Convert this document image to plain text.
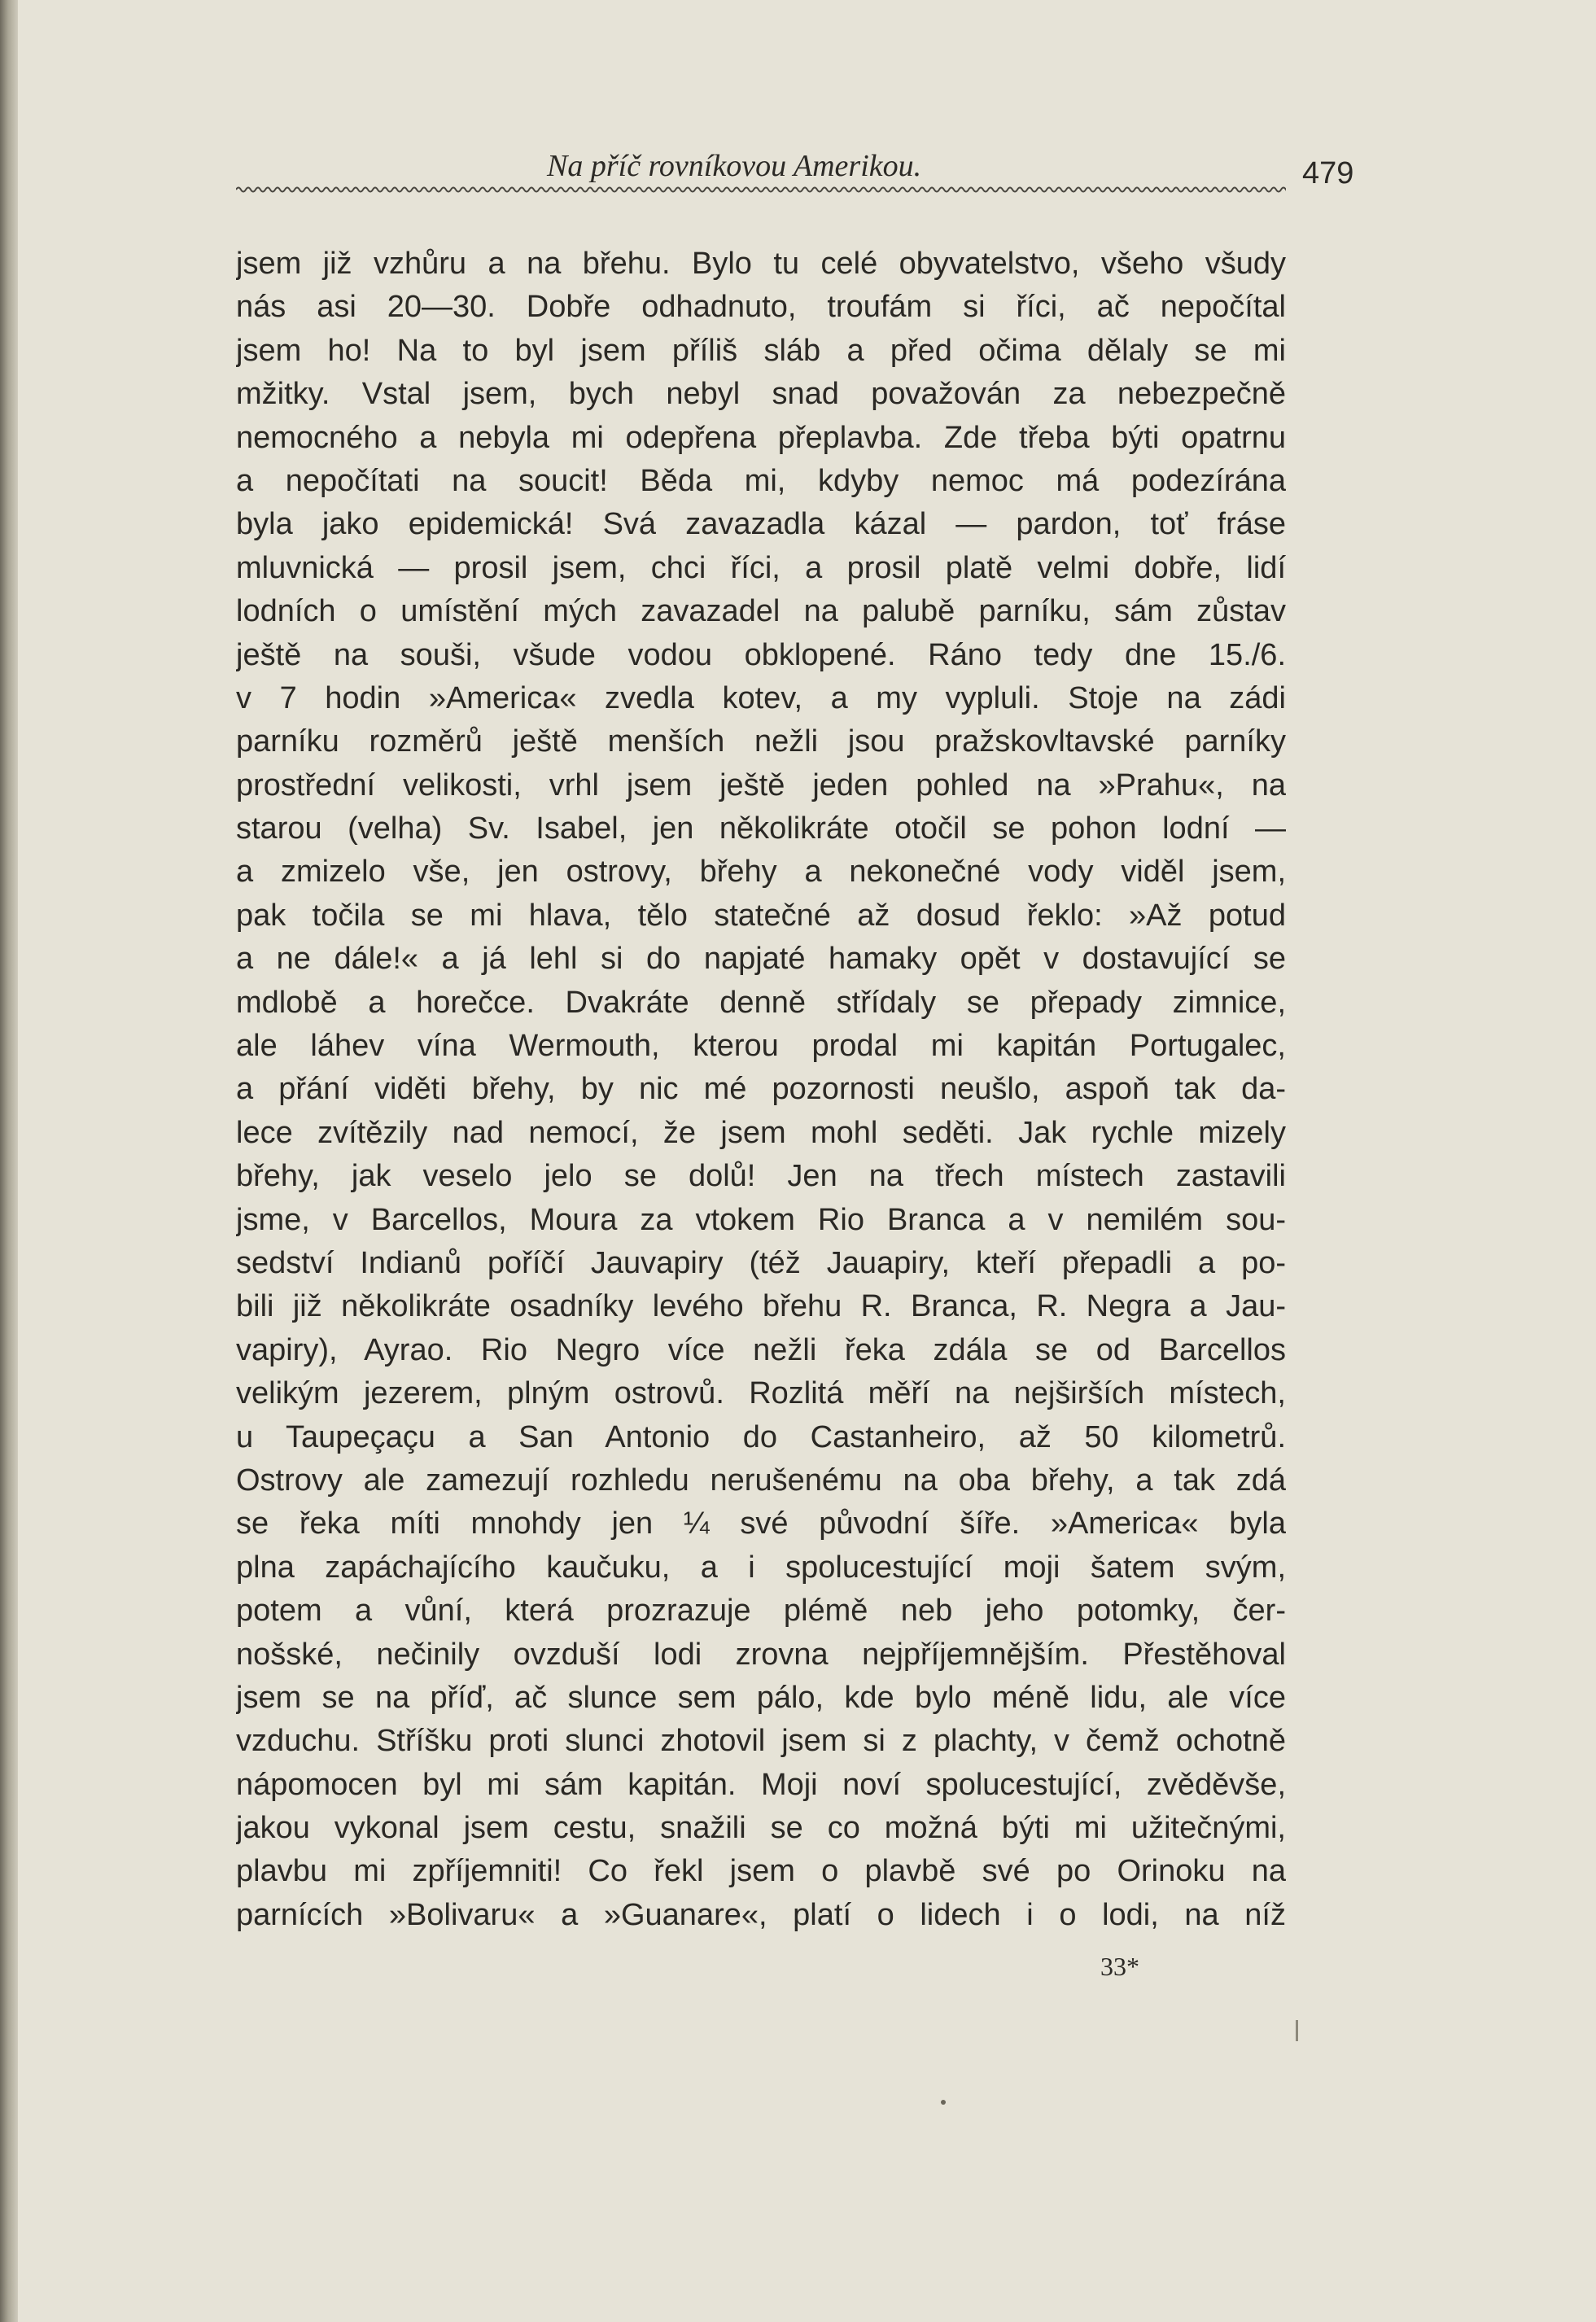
Na příč rovníkovou Amerikou.	479
jsem již vzhůru a na břehu. Bylo tu celé obyvatelstvo, všeho všudy
nás asi 20—30. Dobře odhadnuto, troufám si říci, ač nepočítal
jsem ho! Na to byl jsem příliš sláb a před očima dělaly se mi
mžitky. Vstal jsem, bych nebyl snad považován za nebezpečně
nemocného a nebyla mi odepřena přeplavba. Zde třeba býti opatrnu
a nepočítati na soucit! Běda mi, kdyby nemoc má podezírána
byla jako epidemická! Svá zavazadla kázal — pardon, toť fráse
mluvnická — prosil jsem, chci říci, a prosil platě velmi dobře, lidí
lodních o umístění mých zavazadel na palubě parníku, sám zůstav
ještě na souši, všude vodou obklopené. Ráno tedy dne 15./6.
v 7 hodin »America« zvedla kotev, a my vypluli. Stoje na zádi
parníku rozměrů ještě menších nežli jsou pražskovltavské parníky
prostřední velikosti, vrhl jsem ještě jeden pohled na »Prahu«, na
starou (velha) Sv. Isabel, jen několikráte otočil se pohon lodní —
a zmizelo vše, jen ostrovy, břehy a nekonečné vody viděl jsem,
pak točila se mi hlava, tělo statečné až dosud řeklo: »Až potud
a ne dále!« a já lehl si do napjaté hamaky opět v dostavující se
mdlobě a horečce. Dvakráte denně střídaly se přepady zimnice,
ale láhev vína Wermouth, kterou prodal mi kapitán Portugalec,
a přání viděti břehy, by nic mé pozornosti neušlo, aspoň tak da-
lece zvítězily nad nemocí, že jsem mohl seděti. Jak rychle mizely
břehy, jak veselo jelo se dolů! Jen na třech místech zastavili
jsme, v Barcellos, Moura za vtokem Rio Branca a v nemilém sou-
sedství Indianů poříčí Jauvapiry (též Jauapiry, kteří přepadli a po-
bili již několikráte osadníky levého břehu R. Branca, R. Negra a Jau-
vapiry), Ayrao. Rio Negro více nežli řeka zdála se od Barcellos
velikým jezerem, plným ostrovů. Rozlitá měří na nejširších místech,
u Taupeçaçu a San Antonio do Castanheiro, až 50 kilometrů.
Ostrovy ale zamezují rozhledu nerušenému na oba břehy, a tak zdá
se řeka míti mnohdy jen ¼ své původní šíře. »America« byla
plna zapáchajícího kaučuku, a i spolucestující moji šatem svým,
potem a vůní, která prozrazuje plémě neb jeho potomky, čer-
nošské, nečinily ovzduší lodi zrovna nejpříjemnějším. Přestěhoval
jsem se na příď, ač slunce sem pálo, kde bylo méně lidu, ale více
vzduchu. Stříšku proti slunci zhotovil jsem si z plachty, v čemž ochotně
nápomocen byl mi sám kapitán. Moji noví spolucestující, zvěděvše,
jakou vykonal jsem cestu, snažili se co možná býti mi užitečnými,
plavbu mi zpříjemniti! Co řekl jsem o plavbě své po Orinoku na
parnících »Bolivaru« a »Guanare«, platí o lidech i o lodi, na níž
33*
